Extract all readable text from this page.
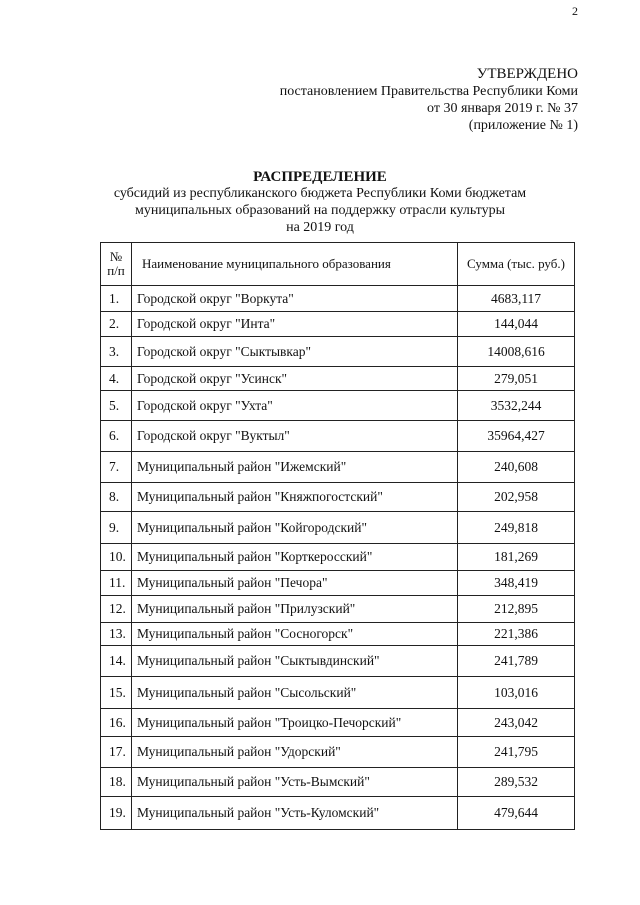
2
УТВЕРЖДЕНО
постановлением Правительства Республики Коми
от 30 января 2019 г. № 37
(приложение № 1)
РАСПРЕДЕЛЕНИЕ
субсидий из республиканского бюджета Республики Коми бюджетам
муниципальных образований на поддержку отрасли культуры
на 2019 год
№
п/п	Наименование муниципального образования	Сумма (тыс. руб.)
1.	Городской округ "Воркута"	4683,117
2.	Городской округ "Инта"	144,044
3.	Городской округ "Сыктывкар"	14008,616
4.	Городской округ "Усинск"	279,051
5.	Городской округ "Ухта"	3532,244
6.	Городской округ "Вуктыл"	35964,427
7.	Муниципальный район "Ижемский"	240,608
8.	Муниципальный район "Княжпогостский"	202,958
9.	Муниципальный район "Койгородский"	249,818
10.	Муниципальный район "Корткеросский"	181,269
11.	Муниципальный район "Печора"	348,419
12.	Муниципальный район "Прилузский"	212,895
13.	Муниципальный район "Сосногорск"	221,386
14.	Муниципальный район "Сыктывдинский"	241,789
15.	Муниципальный район "Сысольский"	103,016
16.	Муниципальный район "Троицко-Печорский"	243,042
17.	Муниципальный район "Удорский"	241,795
18.	Муниципальный район "Усть-Вымский"	289,532
19.	Муниципальный район "Усть-Куломский"	479,644
